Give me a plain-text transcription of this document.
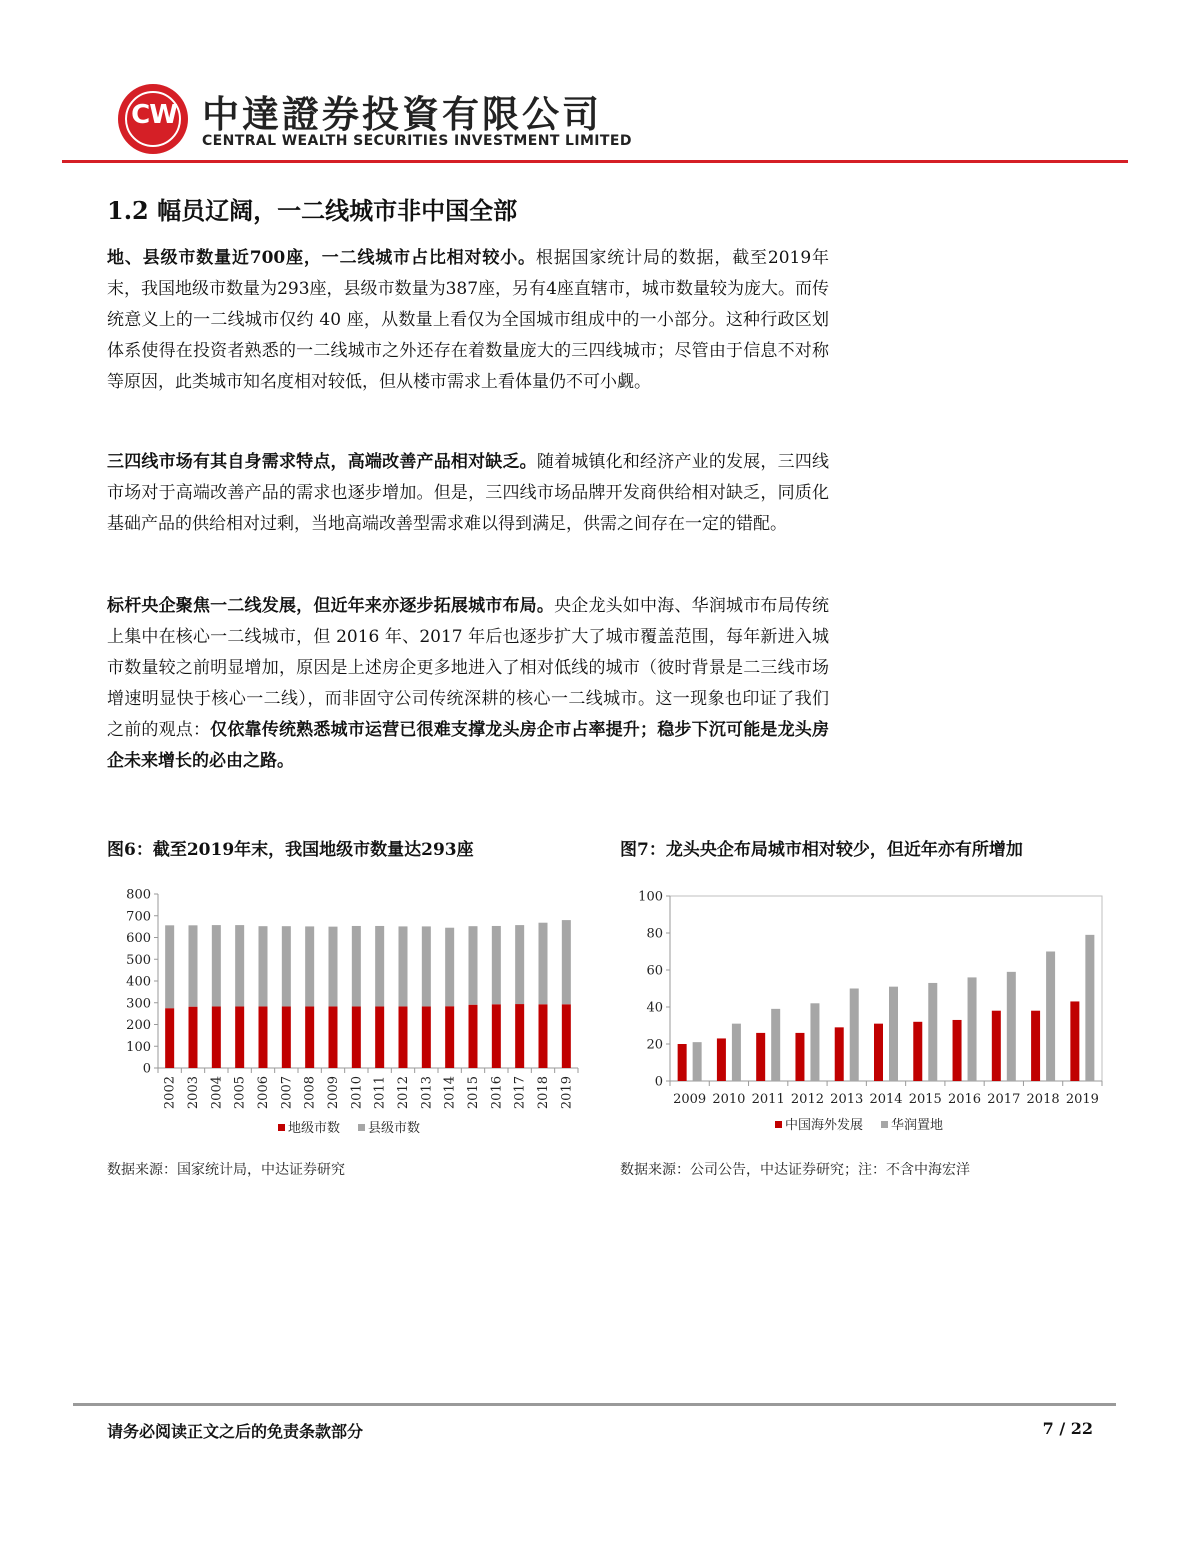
CW 中達證券投資有限公司
CENTRAL WEALTH SECURITIES INVESTMENT LIMITED
1.2 幅员辽阔，一二线城市非中国全部

地、县级市数量近700座，一二线城市占比相对较小。根据国家统计局的数据，截至2019年末，我国地级市数量为293座，县级市数量为387座，另有4座直辖市，城市数量较为庞大。而传统意义上的一二线城市仅约 40 座，从数量上看仅为全国城市组成中的一小部分。这种行政区划体系使得在投资者熟悉的一二线城市之外还存在着数量庞大的三四线城市；尽管由于信息不对称等原因，此类城市知名度相对较低，但从楼市需求上看体量仍不可小觑。

三四线市场有其自身需求特点，高端改善产品相对缺乏。随着城镇化和经济产业的发展，三四线市场对于高端改善产品的需求也逐步增加。但是，三四线市场品牌开发商供给相对缺乏，同质化基础产品的供给相对过剩，当地高端改善型需求难以得到满足，供需之间存在一定的错配。

标杆央企聚焦一二线发展，但近年来亦逐步拓展城市布局。央企龙头如中海、华润城市布局传统上集中在核心一二线城市，但 2016 年、2017 年后也逐步扩大了城市覆盖范围，每年新进入城市数量较之前明显增加，原因是上述房企更多地进入了相对低线的城市（彼时背景是二三线市场增速明显快于核心一二线），而非固守公司传统深耕的核心一二线城市。这一现象也印证了我们之前的观点：仅依靠传统熟悉城市运营已很难支撑龙头房企市占率提升；稳步下沉可能是龙头房企未来增长的必由之路。

图6：截至2019年末，我国地级市数量达293座	图7：龙头央企布局城市相对较少，但近年亦有所增加

0
100
200
300
400
500
600
700
800
2002 2003 2004 2005 2006 2007 2008 2009 2010 2011 2012 2013 2014 2015 2016 2017 2018 2019
地级市数 县级市数
0
20
40
60
80
100
2009 2010 2011 2012 2013 2014 2015 2016 2017 2018 2019
中国海外发展 华润置地
数据来源：国家统计局，中达证券研究	数据来源：公司公告，中达证券研究；注：不含中海宏洋
请务必阅读正文之后的免责条款部分	7 / 22
